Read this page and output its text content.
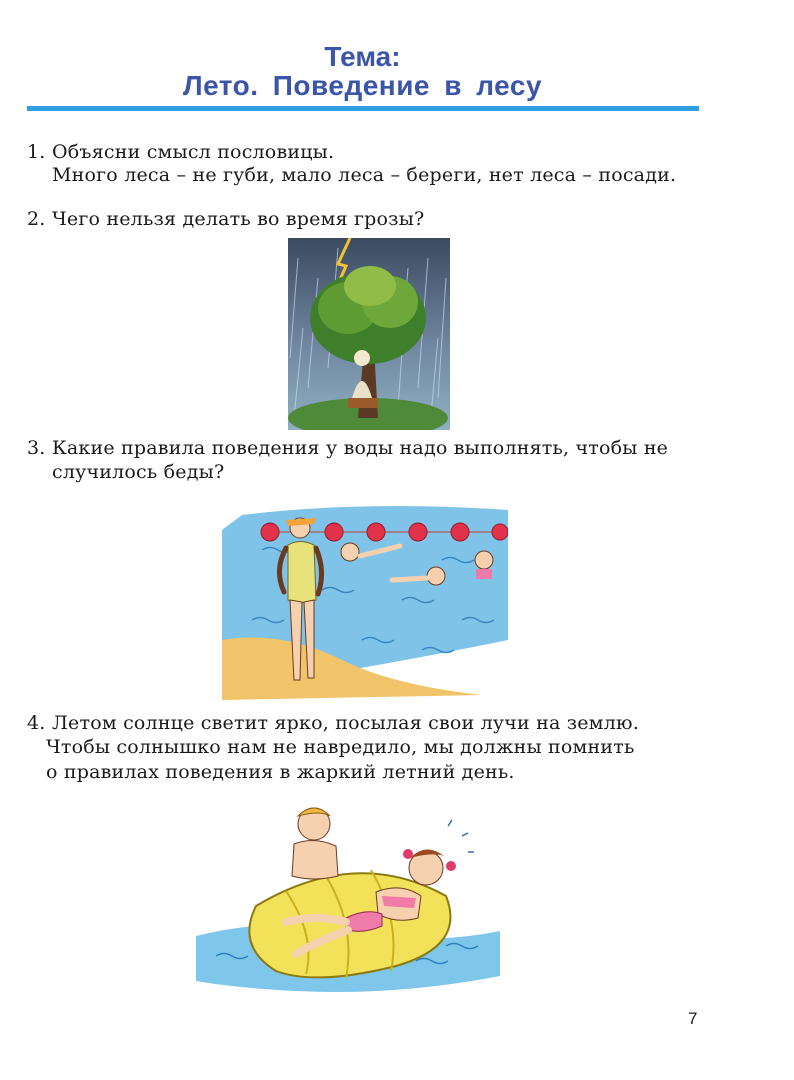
Тема:
Лето. Поведение в лесу
1. Объясни смысл пословицы.
Много леса – не губи, мало леса – береги, нет леса – посади.
2. Чего нельзя делать во время грозы?
3. Какие правила поведения у воды надо выполнять, чтобы не
случилось беды?
4. Летом солнце светит ярко, посылая свои лучи на землю.
Чтобы солнышко нам не навредило, мы должны помнить
о правилах поведения в жаркий летний день.
7
